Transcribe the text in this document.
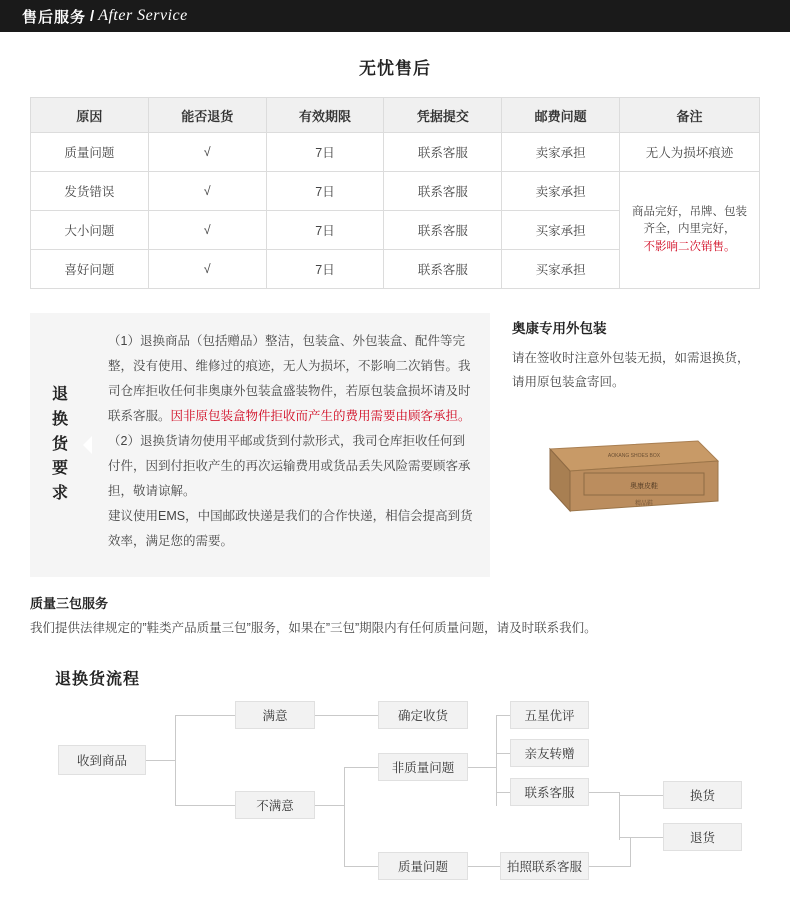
售后服务 / After Service
无忧售后
原因	能否退货	有效期限	凭据提交	邮费问题	备注
质量问题	√	7日	联系客服	卖家承担	无人为损坏痕迹
发货错误	√	7日	联系客服	卖家承担	商品完好，吊牌、包装
齐全，内里完好，
不影响二次销售。

大小问题	√	7日	联系客服	买家承担	
喜好问题	√	7日	联系客服	买家承担	
退
换
货
要
求

（1）退换商品（包括赠品）整洁，包装盒、外包装盒、配件等完整，没有使用、维修过的痕迹，无人为损坏，不影响二次销售。我司仓库拒收任何非奥康外包装盒盛装物件，若原包装盒损坏请及时联系客服。因非原包装盒物件拒收而产生的费用需要由顾客承担。

（2）退换货请勿使用平邮或货到付款形式，我司仓库拒收任何到付件，因到付拒收产生的再次运输费用或货品丢失风险需要顾客承担，敬请谅解。

建议使用EMS，中国邮政快递是我们的合作快递，相信会提高到货效率，满足您的需要。

奥康专用外包装
请在签收时注意外包装无损，如需退换货，请用原包装盒寄回。
奥康皮鞋
精品鞋
AOKANG SHOES BOX
质量三包服务
我们提供法律规定的”鞋类产品质量三包”服务，如果在”三包”期限内有任何质量问题，请及时联系我们。
退换货流程
收到商品
满意
不满意
确定收货
非质量问题
质量问题
五星优评
亲友转赠
联系客服
拍照联系客服
换货
退货
